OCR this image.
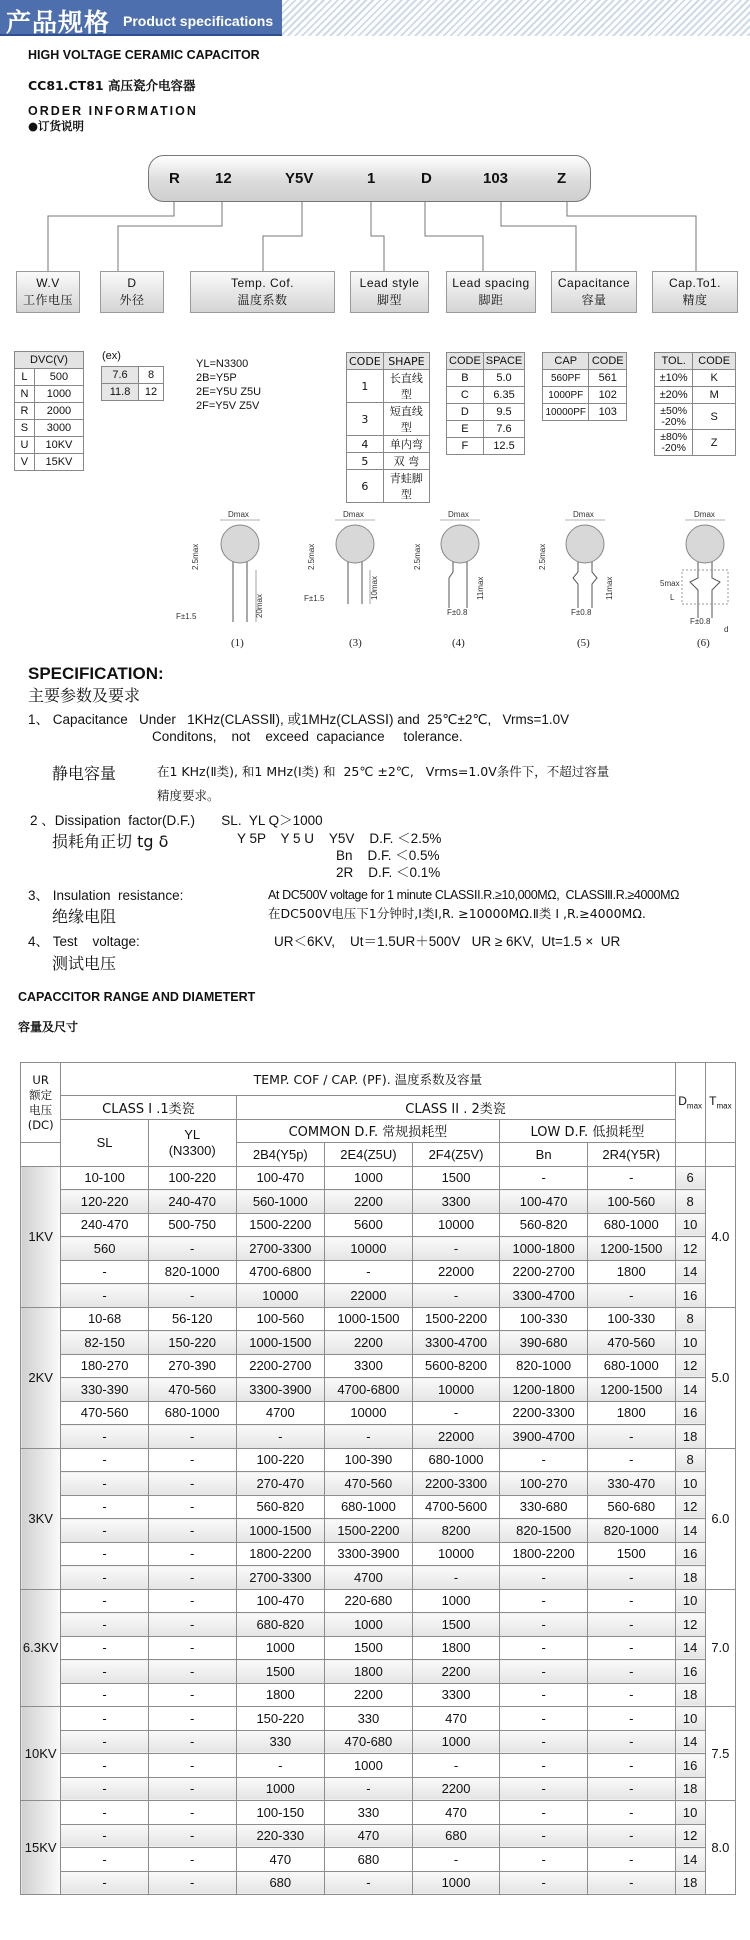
产品规格 Product specifications
HIGH VOLTAGE CERAMIC CAPACITOR
CC81.CT81 高压瓷介电容器
ORDER INFORMATION
●订货说明
R 12	Y5V	1	D	103	Z
W.V
工作电压
D
外径
Temp. Cof.
温度系数
Lead style
脚型
Lead spacing
脚距
Capacitance
容量
Cap.To1.
精度
DVC(V)	
L	500
N	1000
R	2000
S	3000
U	10KV
V	15KV
(ex)
7.6	8
11.8	12
YL=N3300
2B=Y5P
2E=Y5U Z5U
2F=Y5V Z5V
CODE	SHAPE
1	长直线型
3	短直线型
4	单内弯
5	双 弯
6	青蛙脚型
CODE	SPACE
B	5.0
C	6.35
D	9.5
E	7.6
F	12.5
CAP	CODE
560PF	561
1000PF	102
10000PF	103
TOL.	CODE
±10%	K
±20%	M
±50%
-20%	S
±80%
-20%	Z
Dmax
2.5max
20max
F±1.5
Dmax
2.5max
10max
F±1.5
Dmax
2.5max
11max
F±0.8
Dmax
2.5max
11max
F±0.8
Dmax
5max
L
F±0.8
d
(1)	(3)	(4)	(5)	(6)
SPECIFICATION:
主要参数及要求
1、 Capacitance   Under   1KHz(CLASSⅡ), 或1MHz(CLASSⅠ) and  25℃±2℃,   Vrms=1.0V
Conditons,    not    exceed  capaciance     tolerance.
静电容量	在1 KHz(Ⅱ类), 和1 MHz(Ⅰ类) 和  25℃ ±2℃,   Vrms=1.0V条件下，不超过容量
精度要求。
2 、Dissipation  factor(D.F.)       SL.  YL Q＞1000
损耗角正切 tg δ	Y 5P    Y 5 U    Y5V    D.F. ＜2.5%
Bn    D.F. ＜0.5%
2R    D.F. ＜0.1%
3、 Insulation  resistance:	At DC500V voltage for 1 minute CLASSⅠI.R.≥10,000MΩ,  CLASSⅢ.R.≥4000MΩ
绝缘电阻	在DC500V电压下1分钟时,I类I,R. ≥10000MΩ.Ⅱ类 I ,R.≥4000MΩ.
4、 Test    voltage:	UR＜6KV,    Ut＝1.5UR＋500V   UR ≥ 6KV,  Ut=1.5 ×  UR
测试电压
CAPACCITOR RANGE AND DIAMETERT
容量及尺寸
UR
额定
电压
(DC)	TEMP. COF / CAP. (PF). 温度系数及容量							$D_{max}$	$T_{max}$
	CLASS I .1类瓷		CLASS II . 2类瓷						
	SL	YL
(N3300)	COMMON D.F. 常规损耗型			LOW D.F. 低损耗型			
			2B4(Y5p)	2E4(Z5U)	2F4(Z5V)	Bn	2R4(Y5R)		
1KV	10-100	100-220	100-470	1000	1500	-	-	6	4.0
	120-220	240-470	560-1000	2200	3300	100-470	100-560	8	
	240-470	500-750	1500-2200	5600	10000	560-820	680-1000	10	
	560	-	2700-3300	10000	-	1000-1800	1200-1500	12	
	-	820-1000	4700-6800	-	22000	2200-2700	1800	14	
	-	-	10000	22000	-	3300-4700	-	16	
2KV	10-68	56-120	100-560	1000-1500	1500-2200	100-330	100-330	8	5.0
	82-150	150-220	1000-1500	2200	3300-4700	390-680	470-560	10	
	180-270	270-390	2200-2700	3300	5600-8200	820-1000	680-1000	12	
	330-390	470-560	3300-3900	4700-6800	10000	1200-1800	1200-1500	14	
	470-560	680-1000	4700	10000	-	2200-3300	1800	16	
	-	-	-	-	22000	3900-4700	-	18	
3KV	-	-	100-220	100-390	680-1000	-	-	8	6.0
	-	-	270-470	470-560	2200-3300	100-270	330-470	10	
	-	-	560-820	680-1000	4700-5600	330-680	560-680	12	
	-	-	1000-1500	1500-2200	8200	820-1500	820-1000	14	
	-	-	1800-2200	3300-3900	10000	1800-2200	1500	16	
	-	-	2700-3300	4700	-	-	-	18	
6.3KV	-	-	100-470	220-680	1000	-	-	10	7.0
	-	-	680-820	1000	1500	-	-	12	
	-	-	1000	1500	1800	-	-	14	
	-	-	1500	1800	2200	-	-	16	
	-	-	1800	2200	3300	-	-	18	
10KV	-	-	150-220	330	470	-	-	10	7.5
	-	-	330	470-680	1000	-	-	14	
	-	-	-	1000	-	-	-	16	
	-	-	1000	-	2200	-	-	18	
15KV	-	-	100-150	330	470	-	-	10	8.0
	-	-	220-330	470	680	-	-	12	
	-	-	470	680	-	-	-	14	
	-	-	680	-	1000	-	-	18	
